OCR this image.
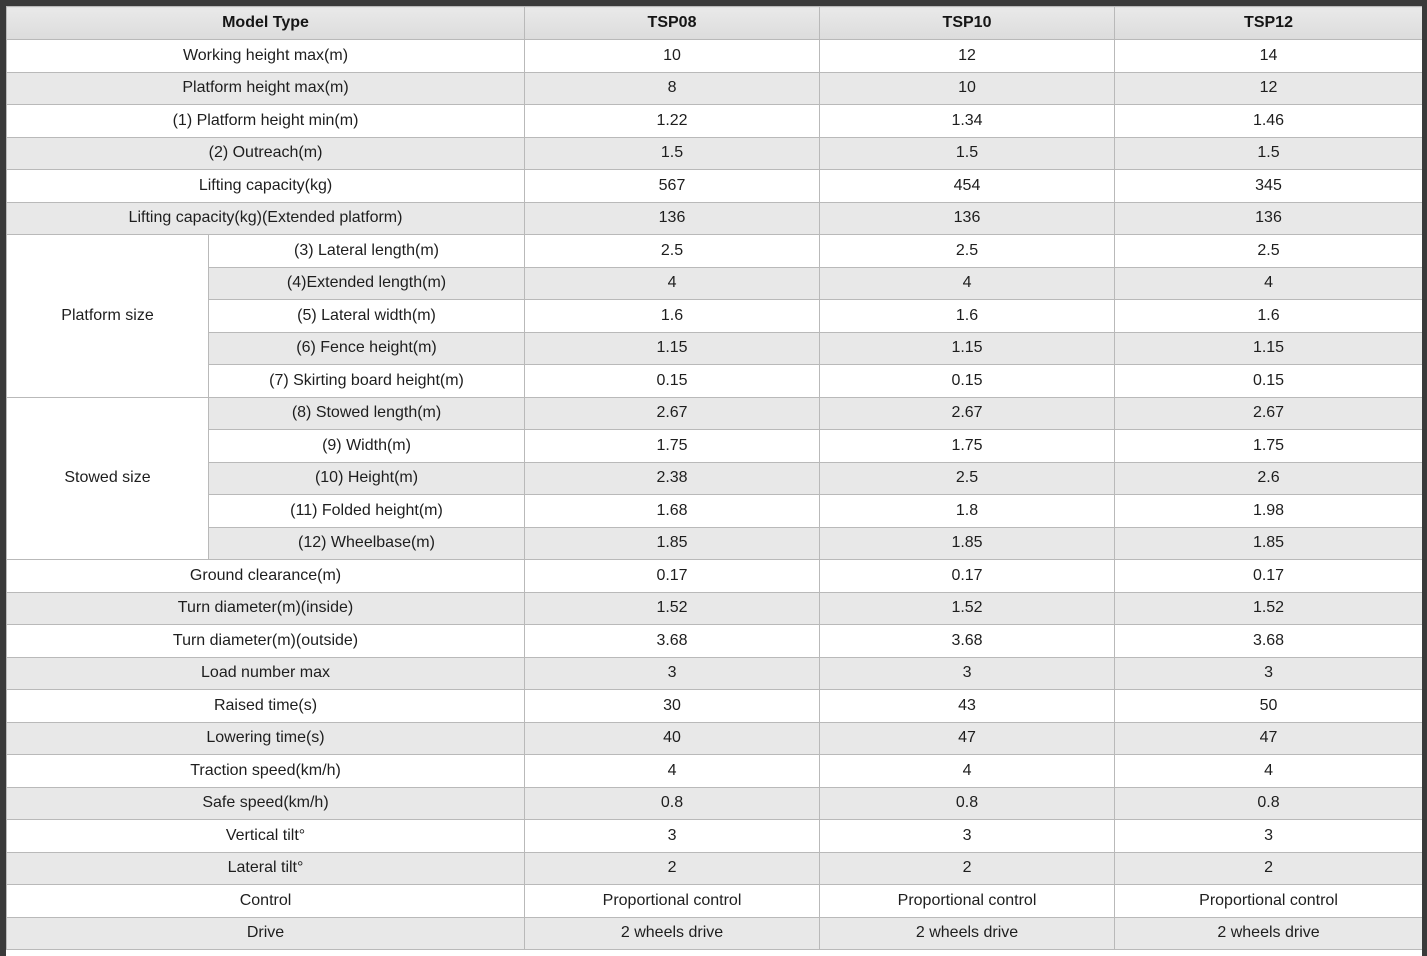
Model Type		TSP08	TSP10	TSP12
Working height max(m)		10	12	14
Platform height max(m)		8	10	12
(1) Platform height min(m)		1.22	1.34	1.46
(2) Outreach(m)		1.5	1.5	1.5
Lifting capacity(kg)		567	454	345
Lifting capacity(kg)(Extended platform)		136	136	136
Platform size	(3) Lateral length(m)	2.5	2.5	2.5
	(4)Extended length(m)	4	4	4
	(5) Lateral width(m)	1.6	1.6	1.6
	(6) Fence height(m)	1.15	1.15	1.15
	(7) Skirting board height(m)	0.15	0.15	0.15
Stowed size	(8) Stowed length(m)	2.67	2.67	2.67
	(9) Width(m)	1.75	1.75	1.75
	(10) Height(m)	2.38	2.5	2.6
	(11) Folded height(m)	1.68	1.8	1.98
	(12) Wheelbase(m)	1.85	1.85	1.85
Ground clearance(m)		0.17	0.17	0.17
Turn diameter(m)(inside)		1.52	1.52	1.52
Turn diameter(m)(outside)		3.68	3.68	3.68
Load number max		3	3	3
Raised time(s)		30	43	50
Lowering time(s)		40	47	47
Traction speed(km/h)		4	4	4
Safe speed(km/h)		0.8	0.8	0.8
Vertical tilt°		3	3	3
Lateral tilt°		2	2	2
Control		Proportional control	Proportional control	Proportional control
Drive		2 wheels drive	2 wheels drive	2 wheels drive
